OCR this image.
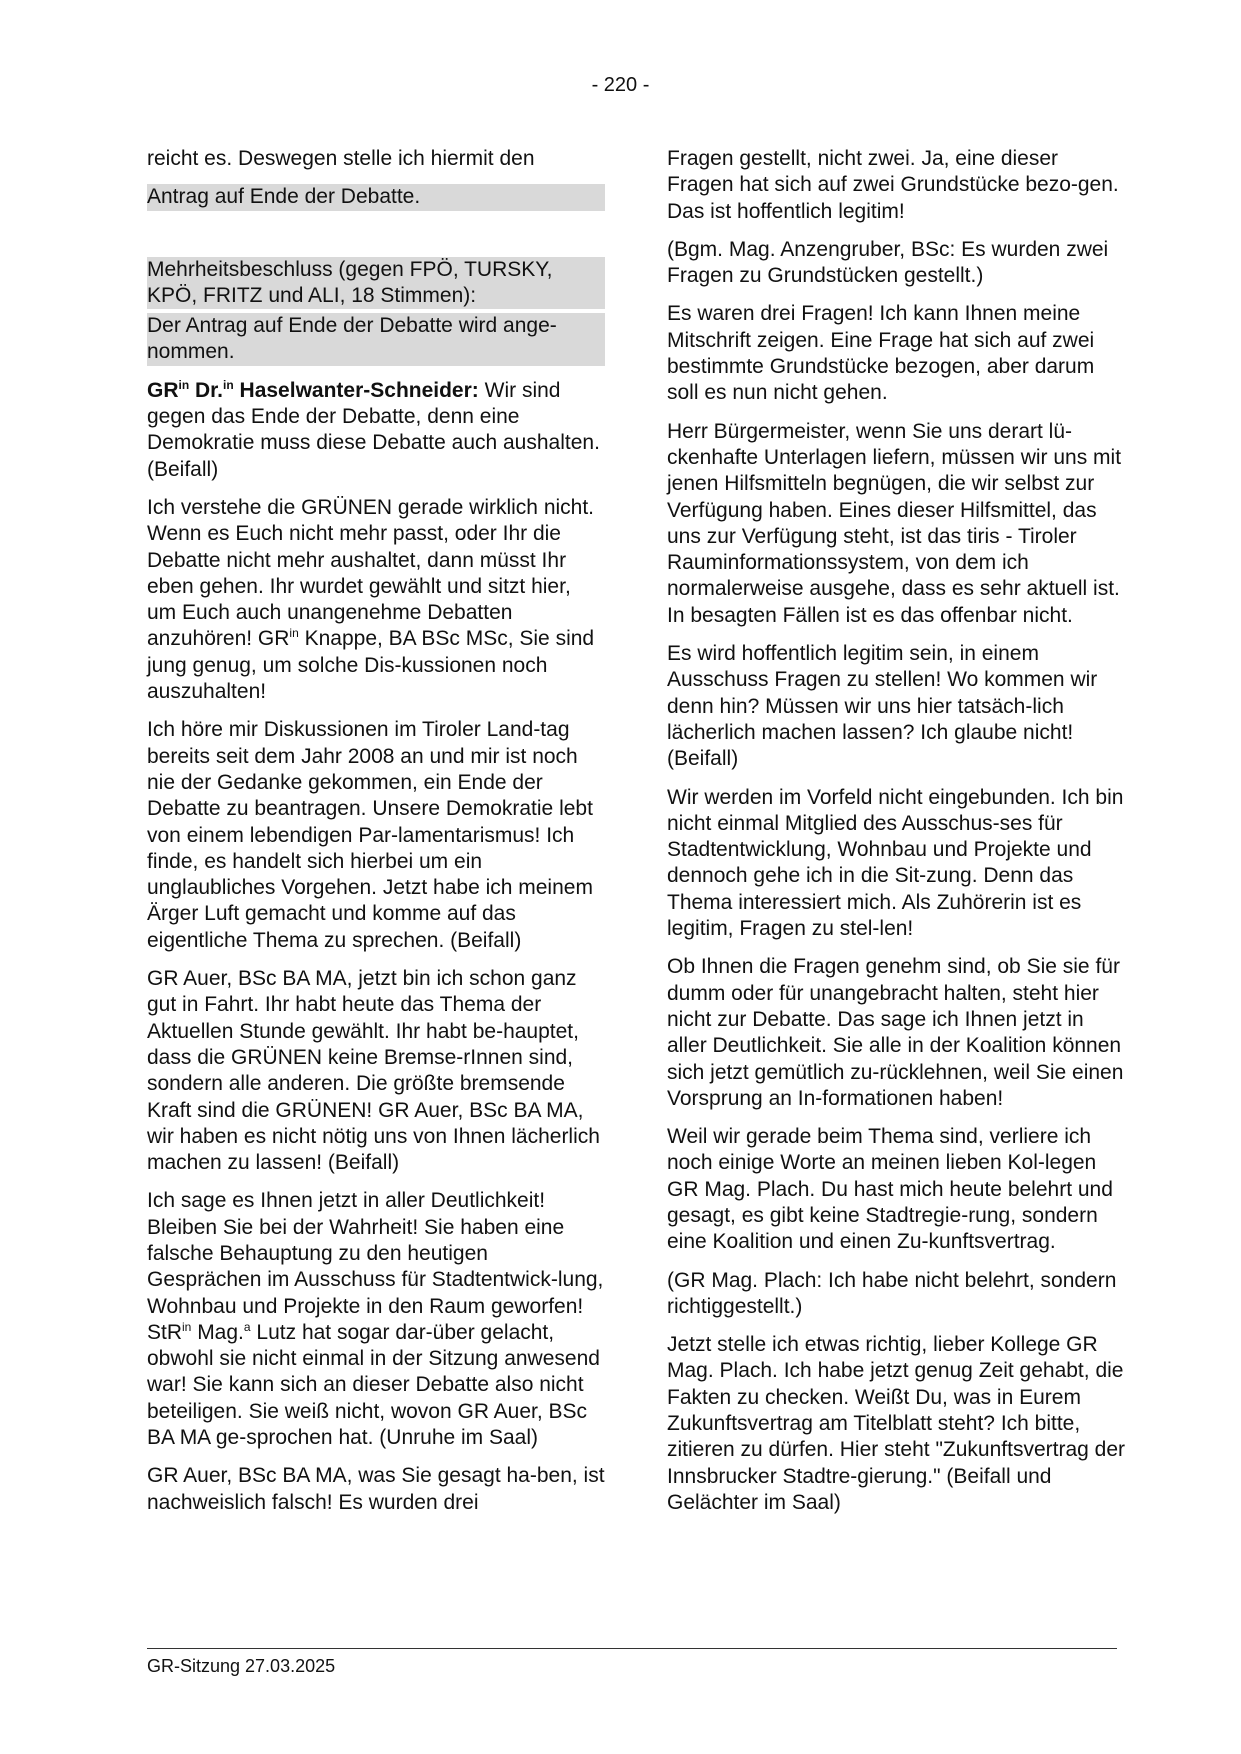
- 220 -

reicht es. Deswegen stelle ich hiermit den

Antrag auf Ende der Debatte.

Mehrheitsbeschluss (gegen FPÖ, TURSKY, KPÖ, FRITZ und ALI, 18 Stimmen):

Der Antrag auf Ende der Debatte wird ange-nommen.

$GR^{in}$ Dr.$^{in}$ Haselwanter-Schneider: Wir sind gegen das Ende der Debatte, denn eine Demokratie muss diese Debatte auch aushalten. (Beifall)

Ich verstehe die GRÜNEN gerade wirklich nicht. Wenn es Euch nicht mehr passt, oder Ihr die Debatte nicht mehr aushaltet, dann müsst Ihr eben gehen. Ihr wurdet gewählt und sitzt hier, um Euch auch unangenehme Debatten anzuhören! $GR^{in}$ Knappe, BA BSc MSc, Sie sind jung genug, um solche Dis-kussionen noch auszuhalten!

Ich höre mir Diskussionen im Tiroler Land-tag bereits seit dem Jahr 2008 an und mir ist noch nie der Gedanke gekommen, ein Ende der Debatte zu beantragen. Unsere Demokratie lebt von einem lebendigen Par-lamentarismus! Ich finde, es handelt sich hierbei um ein unglaubliches Vorgehen. Jetzt habe ich meinem Ärger Luft gemacht und komme auf das eigentliche Thema zu sprechen. (Beifall)

GR Auer, BSc BA MA, jetzt bin ich schon ganz gut in Fahrt. Ihr habt heute das Thema der Aktuellen Stunde gewählt. Ihr habt be-hauptet, dass die GRÜNEN keine Bremse-rInnen sind, sondern alle anderen. Die größte bremsende Kraft sind die GRÜNEN! GR Auer, BSc BA MA, wir haben es nicht nötig uns von Ihnen lächerlich machen zu lassen! (Beifall)

Ich sage es Ihnen jetzt in aller Deutlichkeit! Bleiben Sie bei der Wahrheit! Sie haben eine falsche Behauptung zu den heutigen Gesprächen im Ausschuss für Stadtentwick-lung, Wohnbau und Projekte in den Raum geworfen! StR$^{in}$ Mag.$^a$ Lutz hat sogar dar-über gelacht, obwohl sie nicht einmal in der Sitzung anwesend war! Sie kann sich an dieser Debatte also nicht beteiligen. Sie weiß nicht, wovon GR Auer, BSc BA MA ge-sprochen hat. (Unruhe im Saal)

GR Auer, BSc BA MA, was Sie gesagt ha-ben, ist nachweislich falsch! Es wurden drei

Fragen gestellt, nicht zwei. Ja, eine dieser Fragen hat sich auf zwei Grundstücke bezo-gen. Das ist hoffentlich legitim!

(Bgm. Mag. Anzengruber, BSc: Es wurden zwei Fragen zu Grundstücken gestellt.)

Es waren drei Fragen! Ich kann Ihnen meine Mitschrift zeigen. Eine Frage hat sich auf zwei bestimmte Grundstücke bezogen, aber darum soll es nun nicht gehen.

Herr Bürgermeister, wenn Sie uns derart lü-ckenhafte Unterlagen liefern, müssen wir uns mit jenen Hilfsmitteln begnügen, die wir selbst zur Verfügung haben. Eines dieser Hilfsmittel, das uns zur Verfügung steht, ist das tiris - Tiroler Rauminformationssystem, von dem ich normalerweise ausgehe, dass es sehr aktuell ist. In besagten Fällen ist es das offenbar nicht.

Es wird hoffentlich legitim sein, in einem Ausschuss Fragen zu stellen! Wo kommen wir denn hin? Müssen wir uns hier tatsäch-lich lächerlich machen lassen? Ich glaube nicht! (Beifall)

Wir werden im Vorfeld nicht eingebunden. Ich bin nicht einmal Mitglied des Ausschus-ses für Stadtentwicklung, Wohnbau und Projekte und dennoch gehe ich in die Sit-zung. Denn das Thema interessiert mich. Als Zuhörerin ist es legitim, Fragen zu stel-len!

Ob Ihnen die Fragen genehm sind, ob Sie sie für dumm oder für unangebracht halten, steht hier nicht zur Debatte. Das sage ich Ihnen jetzt in aller Deutlichkeit. Sie alle in der Koalition können sich jetzt gemütlich zu-rücklehnen, weil Sie einen Vorsprung an In-formationen haben!

Weil wir gerade beim Thema sind, verliere ich noch einige Worte an meinen lieben Kol-legen GR Mag. Plach. Du hast mich heute belehrt und gesagt, es gibt keine Stadtregie-rung, sondern eine Koalition und einen Zu-kunftsvertrag.

(GR Mag. Plach: Ich habe nicht belehrt, sondern richtiggestellt.)

Jetzt stelle ich etwas richtig, lieber Kollege GR Mag. Plach. Ich habe jetzt genug Zeit gehabt, die Fakten zu checken. Weißt Du, was in Eurem Zukunftsvertrag am Titelblatt steht? Ich bitte, zitieren zu dürfen. Hier steht "Zukunftsvertrag der Innsbrucker Stadtre-gierung." (Beifall und Gelächter im Saal)

GR-Sitzung 27.03.2025
